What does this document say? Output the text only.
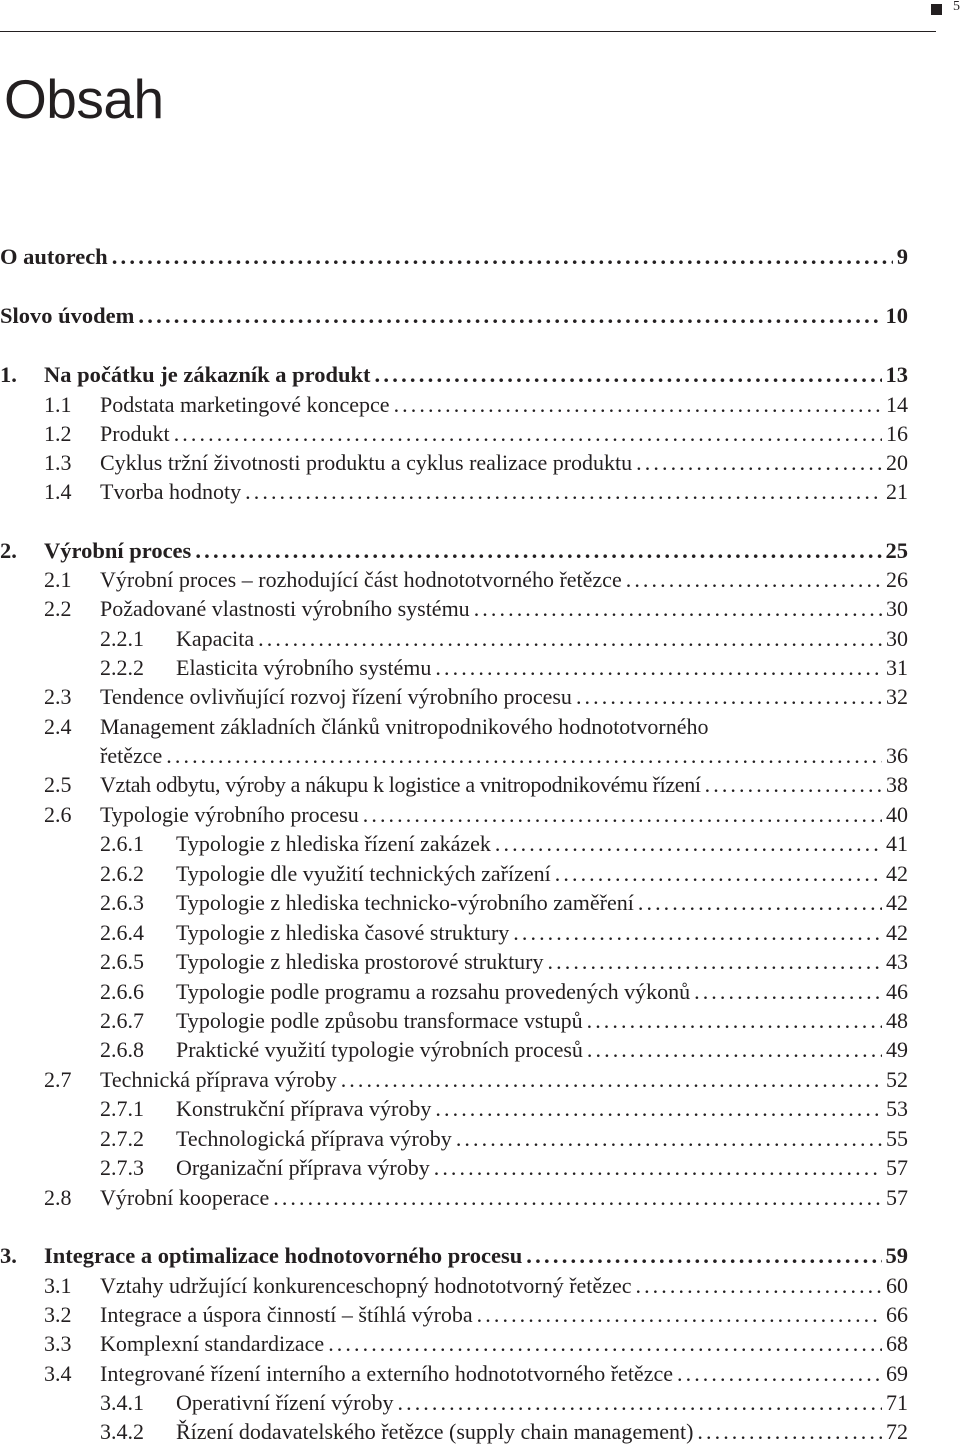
5
Obsah
O autorech . . .	9
Slovo úvodem . . .	10
1.	Na počátku je zákazník a produkt . . .	13
1.1	Podstata marketingové koncepce . . .	14
1.2	Produkt . . .	16
1.3	Cyklus tržní životnosti produktu a cyklus realizace produktu . . .	20
1.4	Tvorba hodnoty . . .	21
2.	Výrobní proces . . .	25
2.1	Výrobní proces – rozhodující část hodnototvorného řetězce . . .	26
2.2	Požadované vlastnosti výrobního systému . . .	30
2.2.1	Kapacita . . .	30
2.2.2	Elasticita výrobního systému . . .	31
2.3	Tendence ovlivňující rozvoj řízení výrobního procesu . . .	32
2.4 Management základních článků vnitropodnikového hodnototvorného
řetězce . . .	36
2.5	Vztah odbytu, výroby a nákupu k logistice a vnitropodnikovému řízení . . .	38
2.6	Typologie výrobního procesu . . .	40
2.6.1	Typologie z hlediska řízení zakázek . . .	41
2.6.2	Typologie dle využití technických zařízení . . .	42
2.6.3	Typologie z hlediska technicko-výrobního zaměření . . .	42
2.6.4	Typologie z hlediska časové struktury . . .	42
2.6.5	Typologie z hlediska prostorové struktury . . .	43
2.6.6	Typologie podle programu a rozsahu provedených výkonů . . .	46
2.6.7	Typologie podle způsobu transformace vstupů . . .	48
2.6.8	Praktické využití typologie výrobních procesů . . .	49
2.7	Technická příprava výroby . . .	52
2.7.1	Konstrukční příprava výroby . . .	53
2.7.2	Technologická příprava výroby . . .	55
2.7.3	Organizační příprava výroby . . .	57
2.8	Výrobní kooperace . . .	57
3.	Integrace a optimalizace hodnotovorného procesu . . .	59
3.1	Vztahy udržující konkurenceschopný hodnototvorný řetězec . . .	60
3.2	Integrace a úspora činností – štíhlá výroba . . .	66
3.3	Komplexní standardizace . . .	68
3.4	Integrované řízení interního a externího hodnototvorného řetězce . . .	69
3.4.1	Operativní řízení výroby . . .	71
3.4.2	Řízení dodavatelského řetězce (supply chain management) . . .	72
